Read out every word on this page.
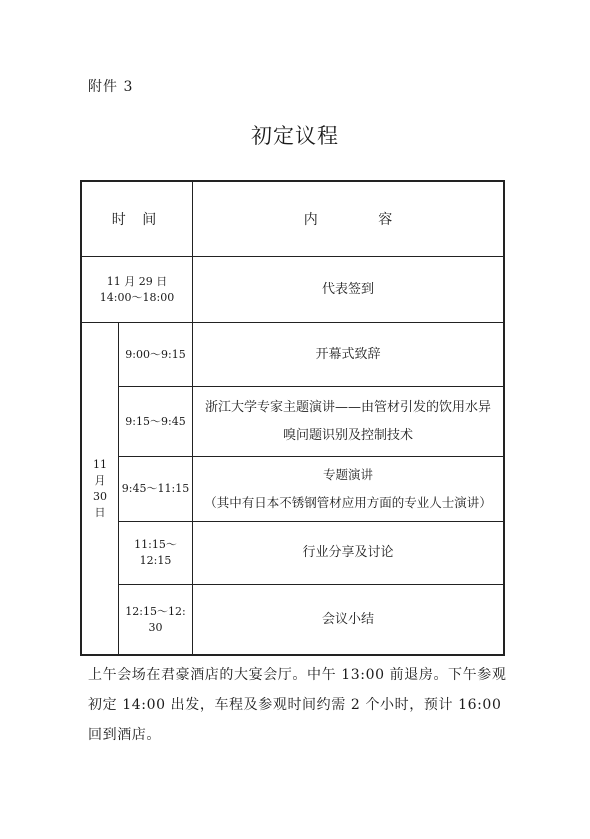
附件 3
初定议程
时 间	内 容
11 月 29 日
14:00～18:00
代表签到
11
月
30
日
9:00～9:15	开幕式致辞
9:15～9:45
浙江大学专家主题演讲——由管材引发的饮用水异
嗅问题识别及控制技术
9:45～11:15
专题演讲
（其中有日本不锈钢管材应用方面的专业人士演讲）
11:15～12:15
行业分享及讨论
12:15～12: 30
会议小结
上午会场在君豪酒店的大宴会厅。中午 13:00 前退房。下午参观初定 14:00 出发，车程及参观时间约需 2 个小时，预计 16:00 回到酒店。
